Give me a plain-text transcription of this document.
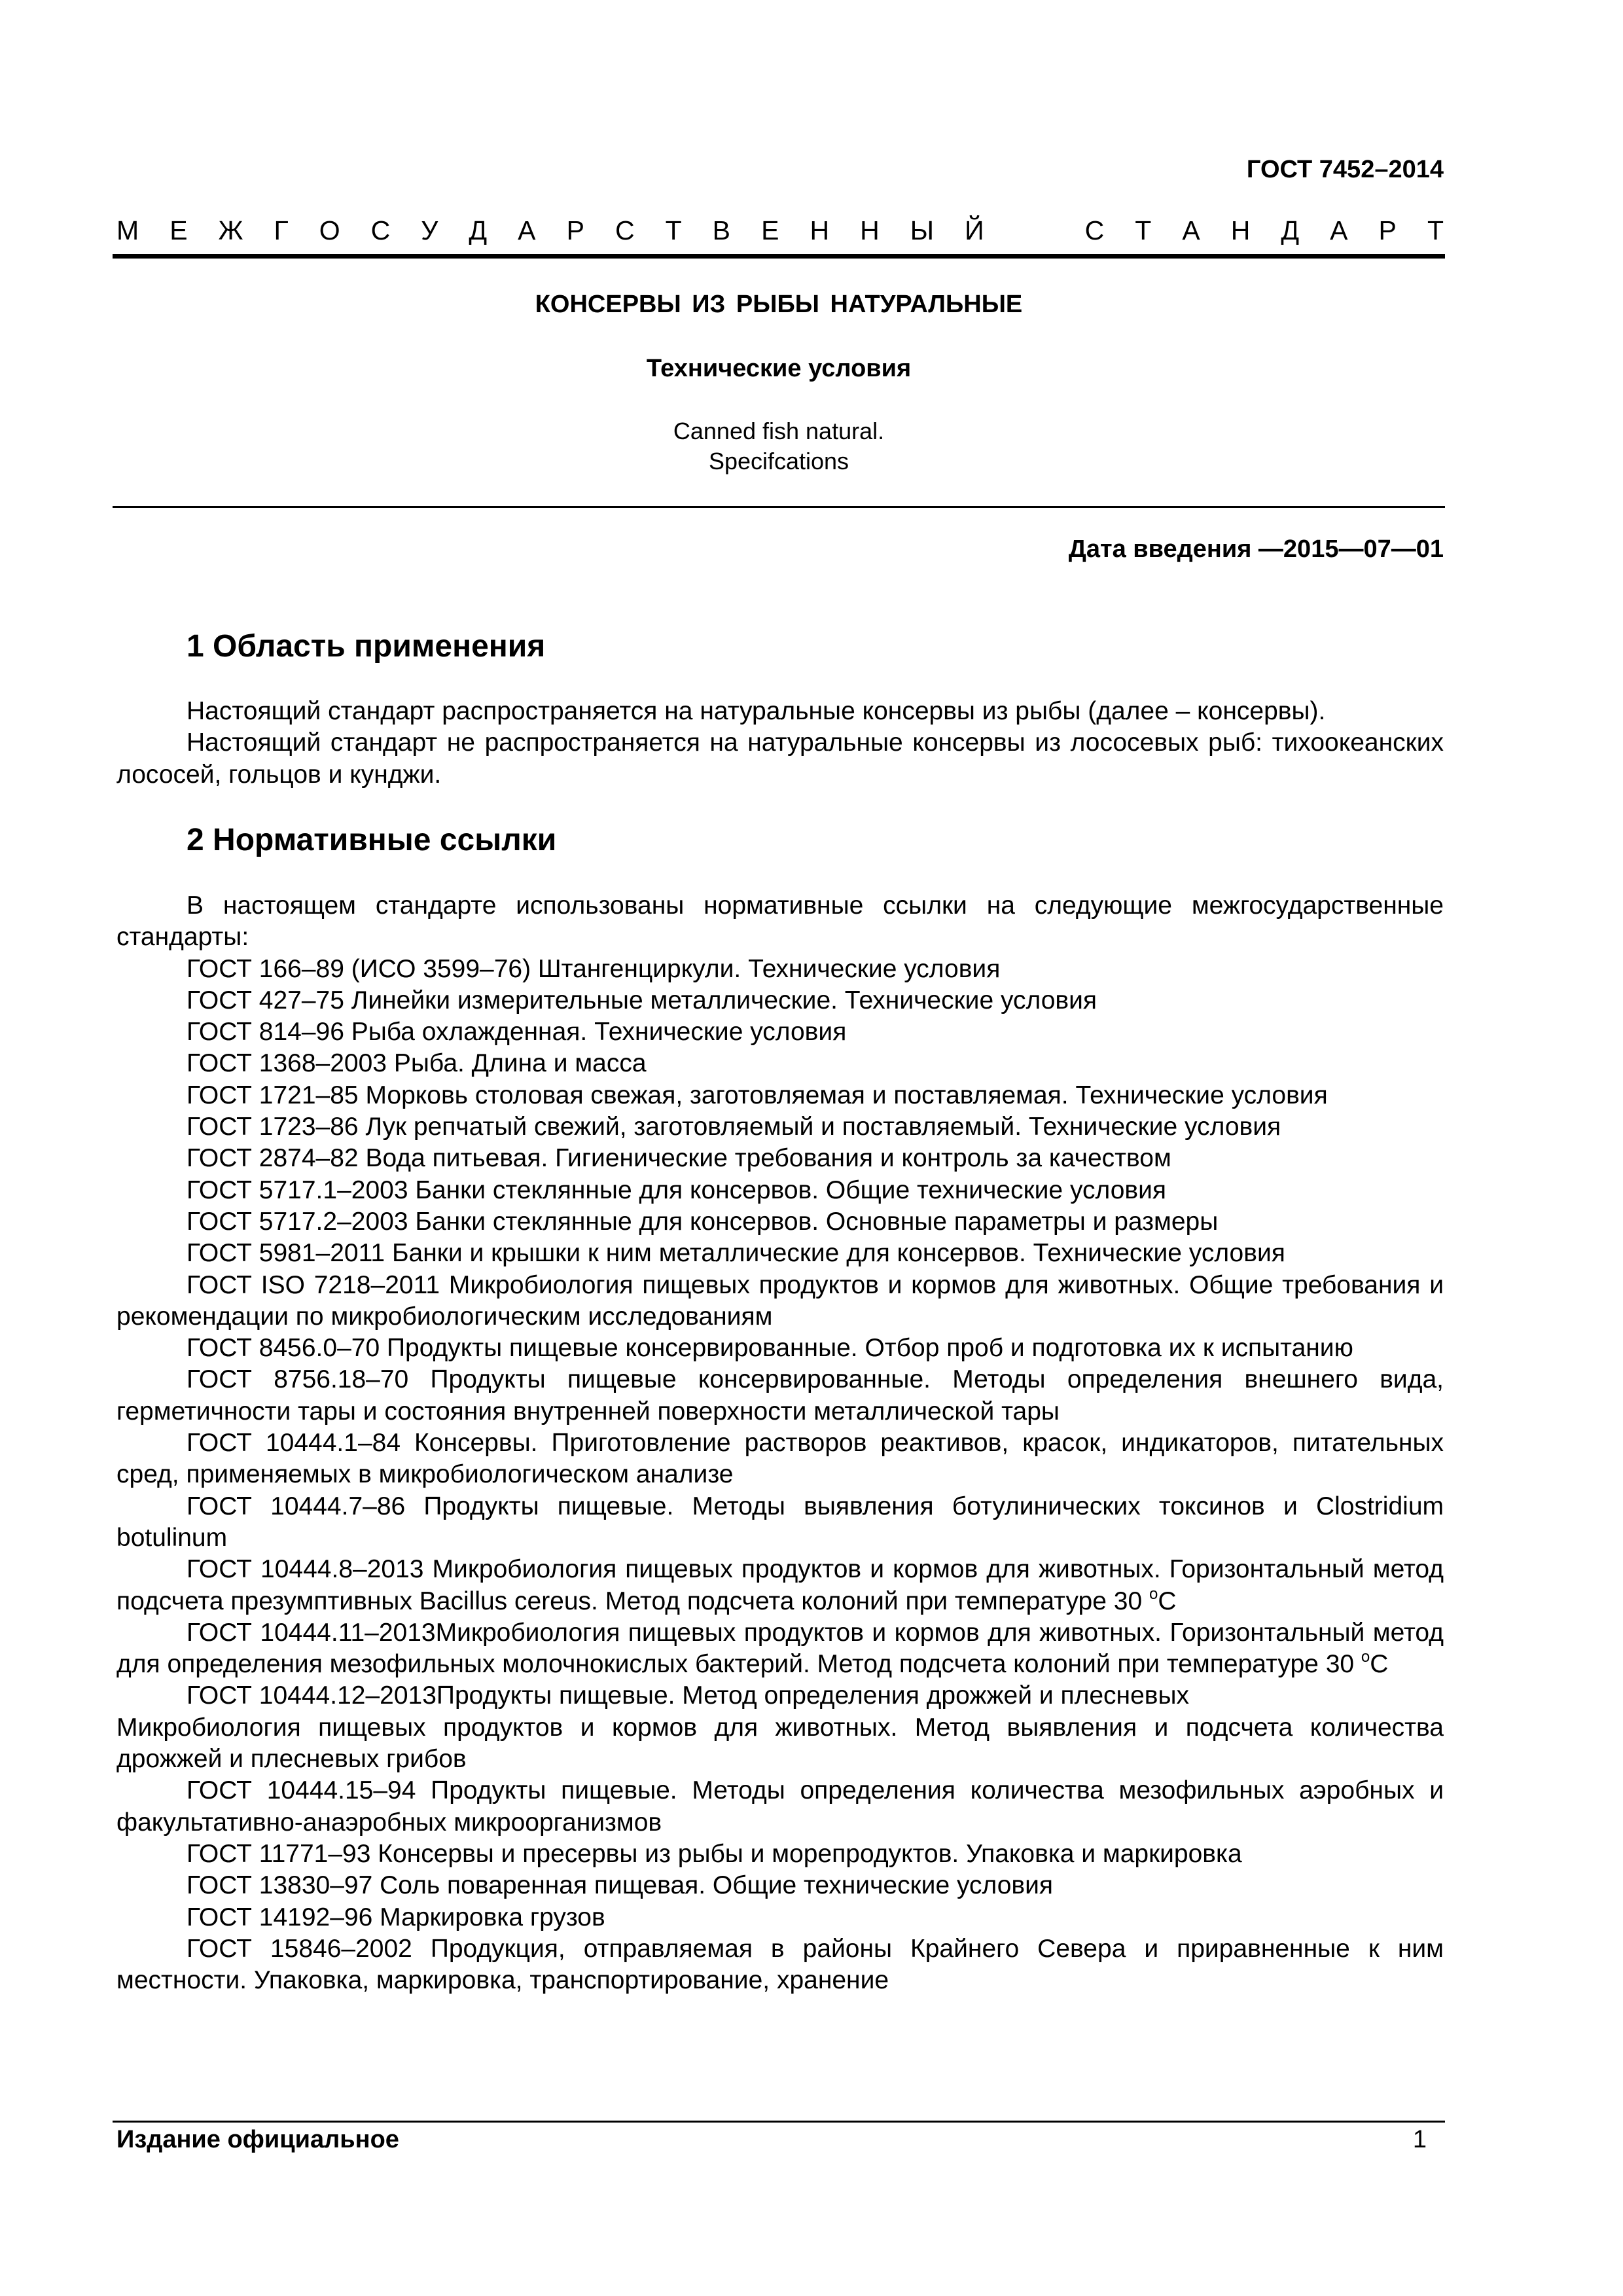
ГОСТ 7452–2014
М Е Ж Г О С У Д А Р С Т В Е Н Н Ы Й	С Т А Н Д А Р Т
КОНСЕРВЫ ИЗ РЫБЫ НАТУРАЛЬНЫЕ
Технические условия
Canned fish natural.
Specifcations
Дата введения —2015—07—01
1 Область применения

Настоящий стандарт распространяется на натуральные консервы из рыбы (далее – консервы).

Настоящий стандарт не распространяется на натуральные консервы из лососевых рыб: тихоокеанских лососей, гольцов и кунджи.

2 Нормативные ссылки

В настоящем стандарте использованы нормативные ссылки на следующие межгосударственные стандарты:

ГОСТ 166–89 (ИСО 3599–76) Штангенциркули. Технические условия

ГОСТ 427–75 Линейки измерительные металлические. Технические условия

ГОСТ 814–96 Рыба охлажденная. Технические условия

ГОСТ 1368–2003 Рыба. Длина и масса

ГОСТ 1721–85 Морковь столовая свежая, заготовляемая и поставляемая. Технические условия

ГОСТ 1723–86 Лук репчатый свежий, заготовляемый и поставляемый. Технические условия

ГОСТ 2874–82 Вода питьевая. Гигиенические требования и контроль за качеством

ГОСТ 5717.1–2003 Банки стеклянные для консервов. Общие технические условия

ГОСТ 5717.2–2003 Банки стеклянные для консервов. Основные параметры и размеры

ГОСТ 5981–2011 Банки и крышки к ним металлические для консервов. Технические условия

ГОСТ ISO 7218–2011 Микробиология пищевых продуктов и кормов для животных. Общие требования и рекомендации по микробиологическим исследованиям

ГОСТ 8456.0–70 Продукты пищевые консервированные. Отбор проб и подготовка их к испытанию

ГОСТ 8756.18–70 Продукты пищевые консервированные. Методы определения внешнего вида, герметичности тары и состояния внутренней поверхности металлической тары

ГОСТ 10444.1–84 Консервы. Приготовление растворов реактивов, красок, индикаторов, питательных сред, применяемых в микробиологическом анализе

ГОСТ 10444.7–86 Продукты пищевые. Методы выявления ботулинических токсинов и Clostridium botulinum

ГОСТ 10444.8–2013 Микробиология пищевых продуктов и кормов для животных. Горизонтальный метод подсчета презумптивных Bacillus cereus. Метод подсчета колоний при температуре 30 $^о$С

ГОСТ 10444.11–2013Микробиология пищевых продуктов и кормов для животных. Горизонтальный метод для определения мезофильных молочнокислых бактерий. Метод подсчета колоний при температуре 30 $^о$С

ГОСТ 10444.12–2013Продукты пищевые. Метод определения дрожжей и плесневых

Микробиология пищевых продуктов и кормов для животных. Метод выявления и подсчета количества дрожжей и плесневых грибов

ГОСТ 10444.15–94 Продукты пищевые. Методы определения количества мезофильных аэробных и факультативно-анаэробных микроорганизмов

ГОСТ 11771–93 Консервы и пресервы из рыбы и морепродуктов. Упаковка и маркировка

ГОСТ 13830–97 Соль поваренная пищевая. Общие технические условия

ГОСТ 14192–96 Маркировка грузов

ГОСТ 15846–2002 Продукция, отправляемая в районы Крайнего Севера и приравненные к ним местности. Упаковка, маркировка, транспортирование, хранение

Издание официальное	1
